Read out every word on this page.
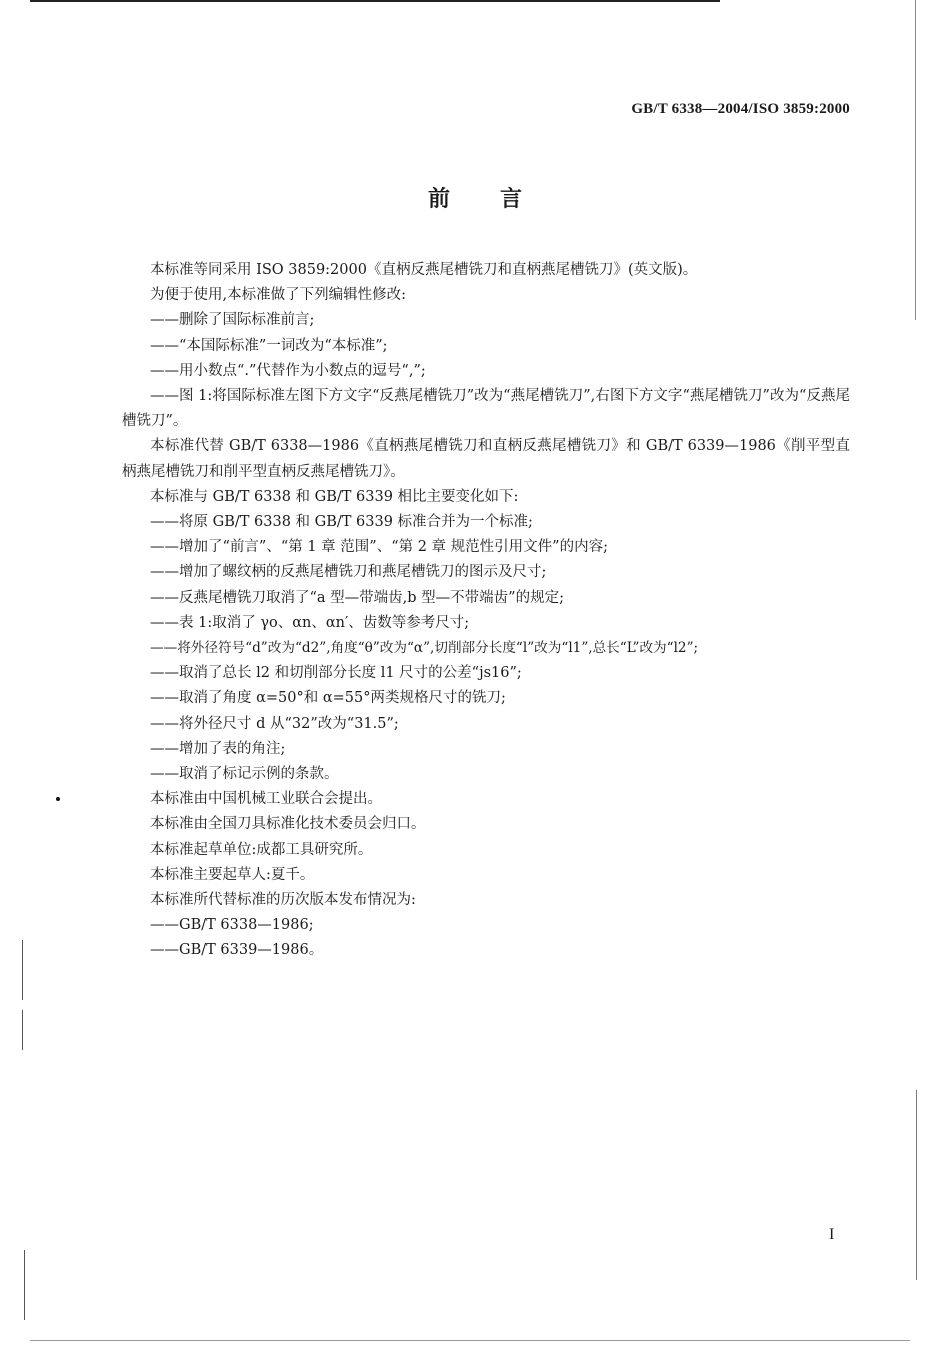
GB/T 6338—2004/ISO 3859:2000
前言
本标准等同采用 ISO 3859:2000《直柄反燕尾槽铣刀和直柄燕尾槽铣刀》(英文版)。
为便于使用,本标准做了下列编辑性修改:
——删除了国际标准前言;
——“本国际标准”一词改为“本标准”;
——用小数点“.”代替作为小数点的逗号“,”;
——图 1:将国际标准左图下方文字“反燕尾槽铣刀”改为“燕尾槽铣刀”,右图下方文字“燕尾槽铣刀”改为“反燕尾槽铣刀”。
本标准代替 GB/T 6338—1986《直柄燕尾槽铣刀和直柄反燕尾槽铣刀》和 GB/T 6339—1986《削平型直柄燕尾槽铣刀和削平型直柄反燕尾槽铣刀》。
本标准与 GB/T 6338 和 GB/T 6339 相比主要变化如下:
——将原 GB/T 6338 和 GB/T 6339 标准合并为一个标准;
——增加了“前言”、“第 1 章 范围”、“第 2 章 规范性引用文件”的内容;
——增加了螺纹柄的反燕尾槽铣刀和燕尾槽铣刀的图示及尺寸;
——反燕尾槽铣刀取消了“a 型—带端齿,b 型—不带端齿”的规定;
——表 1:取消了 γo、αn、αn′、齿数等参考尺寸;
——将外径符号“d”改为“d2”,角度“θ”改为“α”,切削部分长度“l”改为“l1”,总长“L”改为“l2”;
——取消了总长 l2 和切削部分长度 l1 尺寸的公差“js16”;
——取消了角度 α=50°和 α=55°两类规格尺寸的铣刀;
——将外径尺寸 d 从“32”改为“31.5”;
——增加了表的角注;
——取消了标记示例的条款。
本标准由中国机械工业联合会提出。
本标准由全国刀具标准化技术委员会归口。
本标准起草单位:成都工具研究所。
本标准主要起草人:夏千。
本标准所代替标准的历次版本发布情况为:
——GB/T 6338—1986;
——GB/T 6339—1986。
I
